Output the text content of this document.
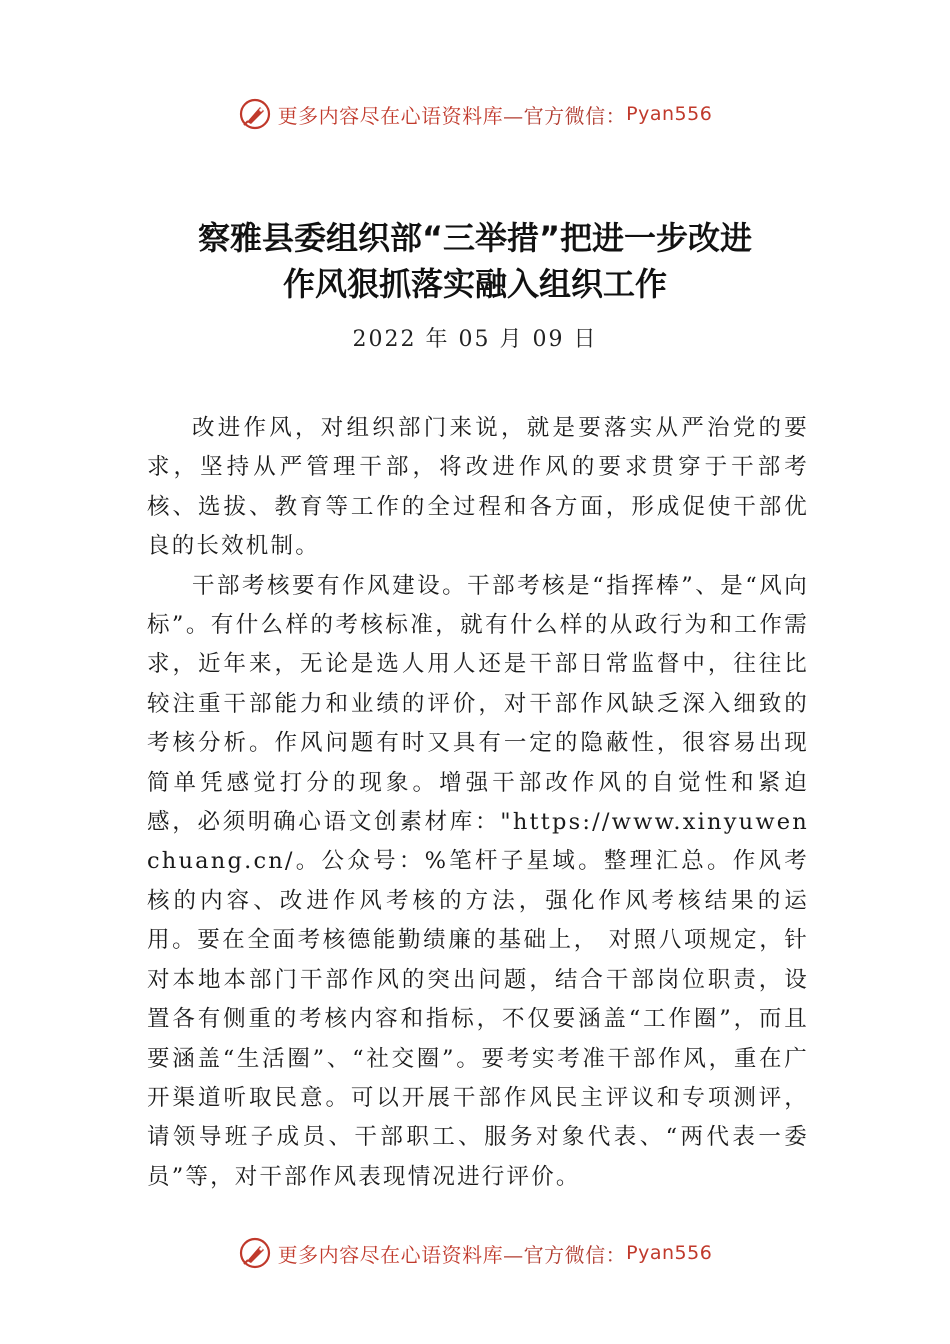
更多内容尽在心语资料库 —官方微信： Pyan556
察雅县委组织部“三举措”把进一步改进
作风狠抓落实融入组织工作
2022 年 05 月 09 日

改进作风，对组织部门来说，就是要落实从严治党的要求，坚持从严管理干部，将改进作风的要求贯穿于干部考核、选拔、教育等工作的全过程和各方面，形成促使干部优良的长效机制。

干部考核要有作风建设。干部考核是“指挥棒”、是“风向标”。有什么样的考核标准，就有什么样的从政行为和工作需求，近年来，无论是选人用人还是干部日常监督中，往往比较注重干部能力和业绩的评价，对干部作风缺乏深入细致的考核分析。作风问题有时又具有一定的隐蔽性，很容易出现简单凭感觉打分的现象。增强干部改作风的自觉性和紧迫感，必须明确心语文创素材库："https://www.xinyuwenchuang.cn/。公众号：%笔杆子星域。整理汇总。作风考核的内容、改进作风考核的方法，强化作风考核结果的运用。要在全面考核德能勤绩廉的基础上， 对照八项规定，针对本地本部门干部作风的突出问题，结合干部岗位职责，设置各有侧重的考核内容和指标，不仅要涵盖“工作圈”，而且要涵盖“生活圈”、“社交圈”。要考实考准干部作风，重在广开渠道听取民意。可以开展干部作风民主评议和专项测评，请领导班子成员、干部职工、服务对象代表、“两代表一委员”等，对干部作风表现情况进行评价。

更多内容尽在心语资料库 —官方微信： Pyan556
